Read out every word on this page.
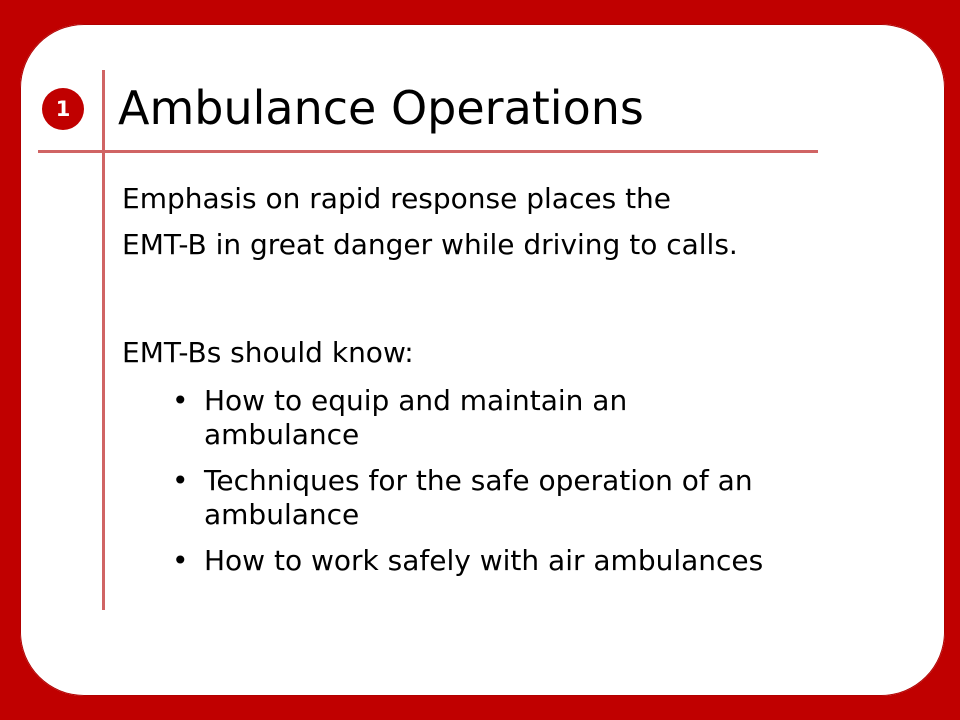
1 Ambulance Operations
Emphasis on rapid response places the
EMT-B in great danger while driving to calls.
EMT-Bs should know:
• How to equip and maintain an
ambulance
• Techniques for the safe operation of an
ambulance
• How to work safely with air ambulances
